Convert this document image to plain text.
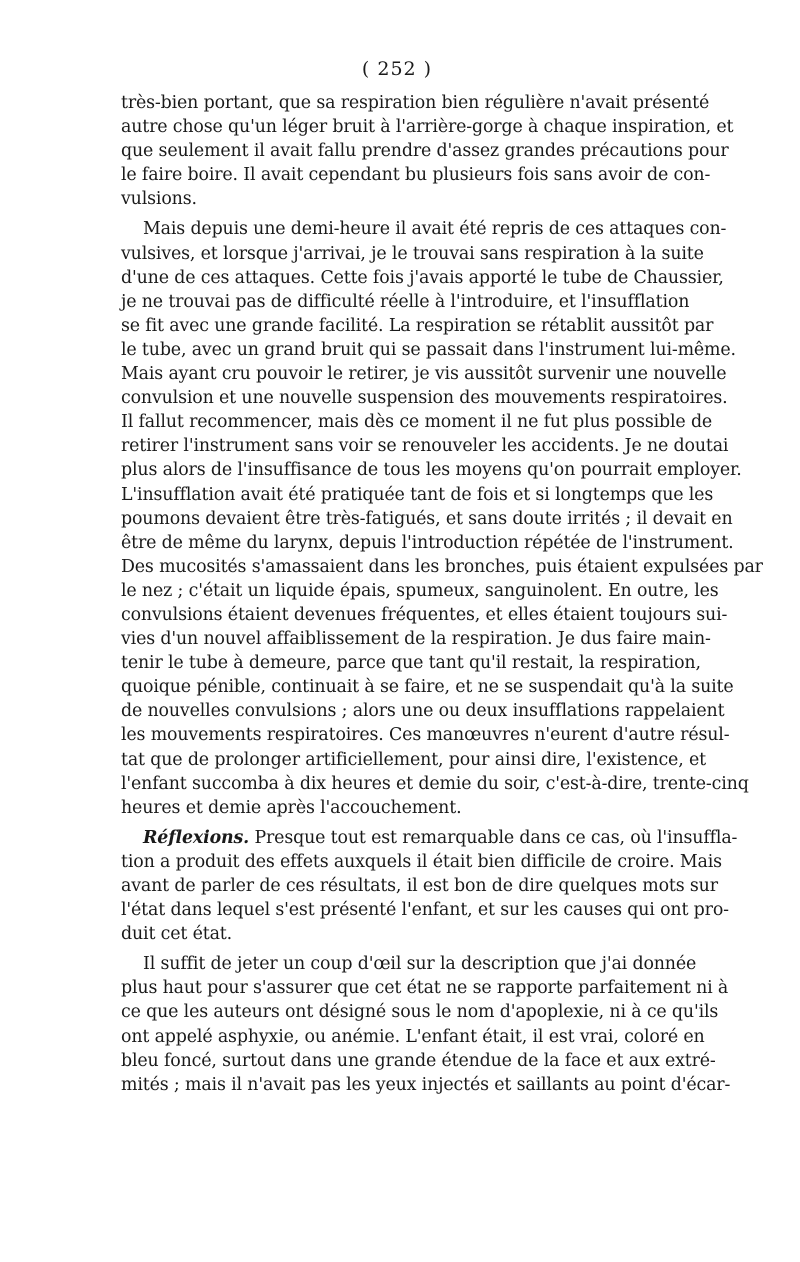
( 252 )
très-bien portant, que sa respiration bien régulière n'avait présenté
autre chose qu'un léger bruit à l'arrière-gorge à chaque inspiration, et
que seulement il avait fallu prendre d'assez grandes précautions pour
le faire boire. Il avait cependant bu plusieurs fois sans avoir de con-
vulsions.
Mais depuis une demi-heure il avait été repris de ces attaques con-
vulsives, et lorsque j'arrivai, je le trouvai sans respiration à la suite
d'une de ces attaques. Cette fois j'avais apporté le tube de Chaussier,
je ne trouvai pas de difficulté réelle à l'introduire, et l'insufflation
se fit avec une grande facilité. La respiration se rétablit aussitôt par
le tube, avec un grand bruit qui se passait dans l'instrument lui-même.
Mais ayant cru pouvoir le retirer, je vis aussitôt survenir une nouvelle
convulsion et une nouvelle suspension des mouvements respiratoires.
Il fallut recommencer, mais dès ce moment il ne fut plus possible de
retirer l'instrument sans voir se renouveler les accidents. Je ne doutai
plus alors de l'insuffisance de tous les moyens qu'on pourrait employer.
L'insufflation avait été pratiquée tant de fois et si longtemps que les
poumons devaient être très-fatigués, et sans doute irrités ; il devait en
être de même du larynx, depuis l'introduction répétée de l'instrument.
Des mucosités s'amassaient dans les bronches, puis étaient expulsées par
le nez ; c'était un liquide épais, spumeux, sanguinolent. En outre, les
convulsions étaient devenues fréquentes, et elles étaient toujours sui-
vies d'un nouvel affaiblissement de la respiration. Je dus faire main-
tenir le tube à demeure, parce que tant qu'il restait, la respiration,
quoique pénible, continuait à se faire, et ne se suspendait qu'à la suite
de nouvelles convulsions ; alors une ou deux insufflations rappelaient
les mouvements respiratoires. Ces manœuvres n'eurent d'autre résul-
tat que de prolonger artificiellement, pour ainsi dire, l'existence, et
l'enfant succomba à dix heures et demie du soir, c'est-à-dire, trente-cinq
heures et demie après l'accouchement.
Réflexions. Presque tout est remarquable dans ce cas, où l'insuffla-
tion a produit des effets auxquels il était bien difficile de croire. Mais
avant de parler de ces résultats, il est bon de dire quelques mots sur
l'état dans lequel s'est présenté l'enfant, et sur les causes qui ont pro-
duit cet état.
Il suffit de jeter un coup d'œil sur la description que j'ai donnée
plus haut pour s'assurer que cet état ne se rapporte parfaitement ni à
ce que les auteurs ont désigné sous le nom d'apoplexie, ni à ce qu'ils
ont appelé asphyxie, ou anémie. L'enfant était, il est vrai, coloré en
bleu foncé, surtout dans une grande étendue de la face et aux extré-
mités ; mais il n'avait pas les yeux injectés et saillants au point d'écar-
